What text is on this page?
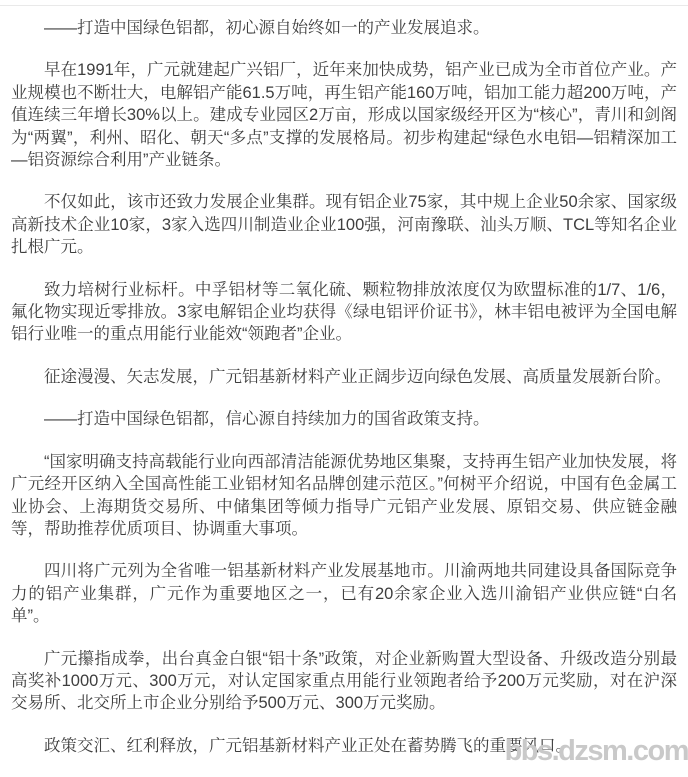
——打造中国绿色铝都，初心源自始终如一的产业发展追求。

早在1991年，广元就建起广兴铝厂，近年来加快成势，铝产业已成为全市首位产业。产业规模也不断壮大，电解铝产能61.5万吨，再生铝产能160万吨，铝加工能力超200万吨，产值连续三年增长30%以上。建成专业园区2万亩，形成以国家级经开区为“核心”，青川和剑阁为“两翼”，利州、昭化、朝天“多点”支撑的发展格局。初步构建起“绿色水电铝—铝精深加工—铝资源综合利用”产业链条。

不仅如此，该市还致力发展企业集群。现有铝企业75家，其中规上企业50余家、国家级高新技术企业10家，3家入选四川制造业企业100强，河南豫联、汕头万顺、TCL等知名企业扎根广元。

致力培树行业标杆。中孚铝材等二氧化硫、颗粒物排放浓度仅为欧盟标准的1/7、1/6，氟化物实现近零排放。3家电解铝企业均获得《绿电铝评价证书》，林丰铝电被评为全国电解铝行业唯一的重点用能行业能效“领跑者”企业。

征途漫漫、矢志发展，广元铝基新材料产业正阔步迈向绿色发展、高质量发展新台阶。

——打造中国绿色铝都，信心源自持续加力的国省政策支持。

“国家明确支持高载能行业向西部清洁能源优势地区集聚，支持再生铝产业加快发展，将广元经开区纳入全国高性能工业铝材知名品牌创建示范区。”何树平介绍说，中国有色金属工业协会、上海期货交易所、中储集团等倾力指导广元铝产业发展、原铝交易、供应链金融等，帮助推荐优质项目、协调重大事项。

四川将广元列为全省唯一铝基新材料产业发展基地市。川渝两地共同建设具备国际竞争力的铝产业集群，广元作为重要地区之一，已有20余家企业入选川渝铝产业供应链“白名单”。

广元攥指成拳，出台真金白银“铝十条”政策，对企业新购置大型设备、升级改造分别最高奖补1000万元、300万元，对认定国家重点用能行业领跑者给予200万元奖励，对在沪深交易所、北交所上市企业分别给予500万元、300万元奖励。

政策交汇、红利释放，广元铝基新材料产业正处在蓄势腾飞的重要风口。

bbs.dzsm.com
